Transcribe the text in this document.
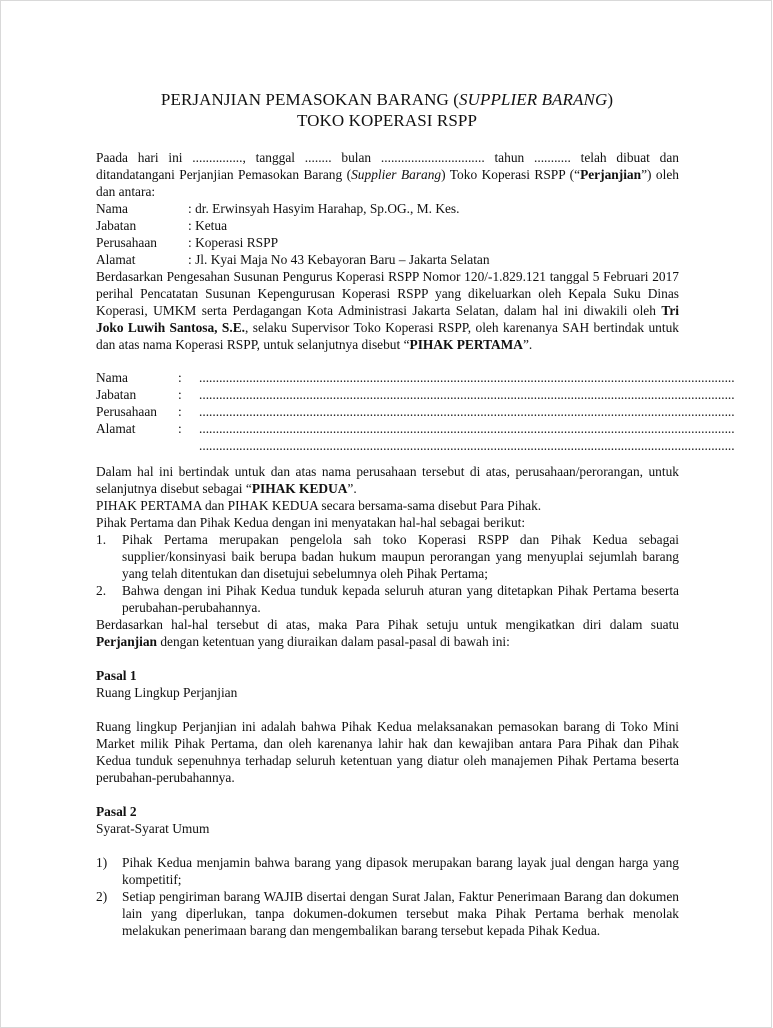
PERJANJIAN PEMASOKAN BARANG (SUPPLIER BARANG)
TOKO KOPERASI RSPP

Paada hari ini ..............., tanggal ........ bulan ............................... tahun ........... telah dibuat dan ditandatangani Perjanjian Pemasokan Barang (Supplier Barang) Toko Koperasi RSPP (“Perjanjian”) oleh dan antara:

Nama	: dr. Erwinsyah Hasyim Harahap, Sp.OG., M. Kes.
Jabatan	: Ketua
Perusahaan	: Koperasi RSPP
Alamat	: Jl. Kyai Maja No 43 Kebayoran Baru – Jakarta Selatan

Berdasarkan Pengesahan Susunan Pengurus Koperasi RSPP Nomor 120/-1.829.121 tanggal 5 Februari 2017 perihal Pencatatan Susunan Kepengurusan Koperasi RSPP yang dikeluarkan oleh Kepala Suku Dinas Koperasi, UMKM serta Perdagangan Kota Administrasi Jakarta Selatan, dalam hal ini diwakili oleh Tri Joko Luwih Santosa, S.E., selaku Supervisor Toko Koperasi RSPP, oleh karenanya SAH bertindak untuk dan atas nama Koperasi RSPP, untuk selanjutnya disebut “PIHAK PERTAMA”.

Nama	:	................................................................................................................................................................
Jabatan	:	................................................................................................................................................................
Perusahaan	:	................................................................................................................................................................
Alamat	:	................................................................................................................................................................
................................................................................................................................................................

Dalam hal ini bertindak untuk dan atas nama perusahaan tersebut di atas, perusahaan/perorangan, untuk selanjutnya disebut sebagai “PIHAK KEDUA”.

PIHAK PERTAMA dan PIHAK KEDUA secara bersama-sama disebut Para Pihak.

Pihak Pertama dan Pihak Kedua dengan ini menyatakan hal-hal sebagai berikut:

1.	Pihak Pertama merupakan pengelola sah toko Koperasi RSPP dan Pihak Kedua sebagai supplier/konsinyasi baik berupa badan hukum maupun perorangan yang menyuplai sejumlah barang yang telah ditentukan dan disetujui sebelumnya oleh Pihak Pertama;
2.	Bahwa dengan ini Pihak Kedua tunduk kepada seluruh aturan yang ditetapkan Pihak Pertama beserta perubahan-perubahannya.

Berdasarkan hal-hal tersebut di atas, maka Para Pihak setuju untuk mengikatkan diri dalam suatu Perjanjian dengan ketentuan yang diuraikan dalam pasal-pasal di bawah ini:

Pasal 1

Ruang Lingkup Perjanjian

Ruang lingkup Perjanjian ini adalah bahwa Pihak Kedua melaksanakan pemasokan barang di Toko Mini Market milik Pihak Pertama, dan oleh karenanya lahir hak dan kewajiban antara Para Pihak dan Pihak Kedua tunduk sepenuhnya terhadap seluruh ketentuan yang diatur oleh manajemen Pihak Pertama beserta perubahan-perubahannya.

Pasal 2

Syarat-Syarat Umum

1)	Pihak Kedua menjamin bahwa barang yang dipasok merupakan barang layak jual dengan harga yang kompetitif;
2)	Setiap pengiriman barang WAJIB disertai dengan Surat Jalan, Faktur Penerimaan Barang dan dokumen lain yang diperlukan, tanpa dokumen-dokumen tersebut maka Pihak Pertama berhak menolak melakukan penerimaan barang dan mengembalikan barang tersebut kepada Pihak Kedua.
